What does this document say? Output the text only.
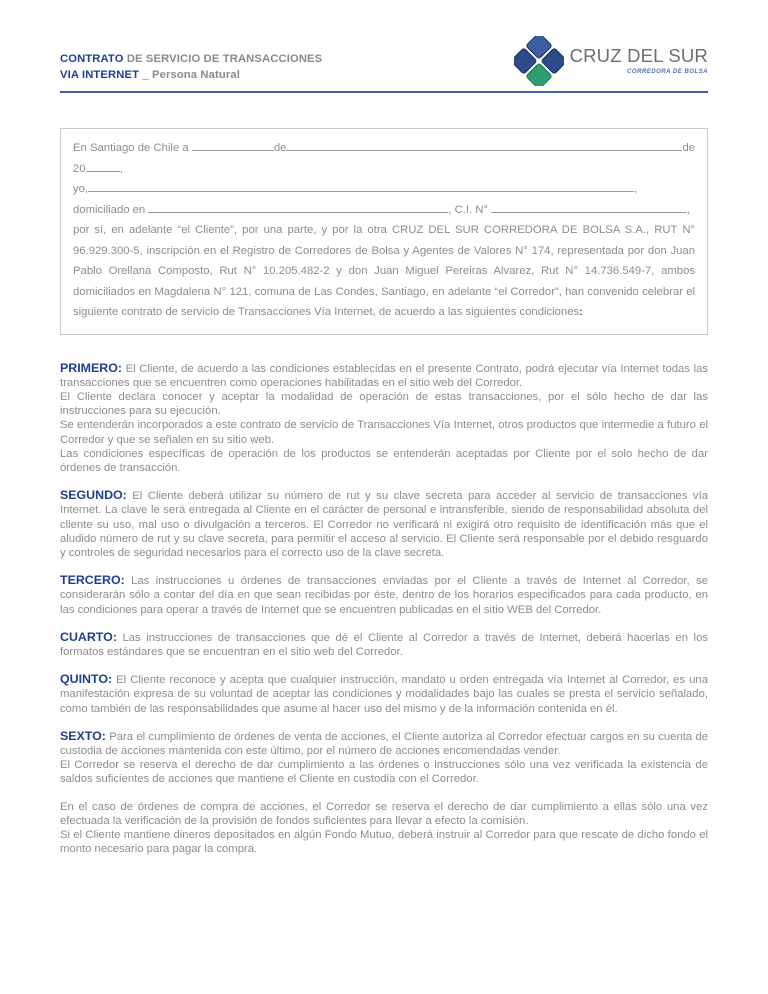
CONTRATO DE SERVICIO DE TRANSACCIONES
VIA INTERNET _ Persona Natural
CRUZ DEL SUR
CORREDORA DE BOLSA

En Santiago de Chile a	de	de 20	,
yo,	,
domiciliado en	, C.I. N°	,
por sí, en adelante “el Cliente”, por una parte, y por la otra CRUZ DEL SUR CORREDORA DE BOLSA S.A., RUT N° 96.929.300-5, inscripción en el Registro de Corredores de Bolsa y Agentes de Valores N° 174, representada por don Juan Pablo Orellana Composto, Rut N° 10.205.482-2 y don Juan Miguel Pereiras Alvarez, Rut N° 14.736.549-7, ambos domiciliados en Magdalena N° 121, comuna de Las Condes, Santiago, en adelante “el Corredor”, han convenido celebrar el siguiente contrato de servicio de Transacciones Vía Internet, de acuerdo a las siguientes condiciones:

PRIMERO: El Cliente, de acuerdo a las condiciones establecidas en el presente Contrato, podrá ejecutar vía Internet todas las transacciones que se encuentren como operaciones habilitadas en el sitio web del Corredor.

El Cliente declara conocer y aceptar la modalidad de operación de estas transacciones, por el sólo hecho de dar las instrucciones para su ejecución.

Se entenderán incorporados a este contrato de servicio de Transacciones Vía Internet, otros productos que intermedie a futuro el Corredor y que se señalen en su sitio web.

Las condiciones específicas de operación de los productos se entenderán aceptadas por Cliente por el solo hecho de dar órdenes de transacción.

SEGUNDO: El Cliente deberá utilizar su número de rut y su clave secreta para acceder al servicio de transacciones vía Internet. La clave le será entregada al Cliente en el carácter de personal e intransferible, siendo de responsabilidad absoluta del cliente su uso, mal uso o divulgación a terceros. El Corredor no verificará ni exigirá otro requisito de identificación más que el aludido número de rut y su clave secreta, para permitir el acceso al servicio. El Cliente será responsable por el debido resguardo y controles de seguridad necesarios para el correcto uso de la clave secreta.

TERCERO: Las instrucciones u órdenes de transacciones enviadas por el Cliente a través de Internet al Corredor, se considerarán sólo a contar del día en que sean recibidas por éste, dentro de los horarios especificados para cada producto, en las condiciones para operar a través de Internet que se encuentren publicadas en el sitio WEB del Corredor.

CUARTO: Las instrucciones de transacciones que dé el Cliente al Corredor a través de Internet, deberá hacerlas en los formatos estándares que se encuentran en el sitio web del Corredor.

QUINTO: El Cliente reconoce y acepta que cualquier instrucción, mandato u orden entregada vía Internet al Corredor, es una manifestación expresa de su voluntad de aceptar las condiciones y modalidades bajo las cuales se presta el servicio señalado, como también de las responsabilidades que asume al hacer uso del mismo y de la información contenida en él.

SEXTO: Para el cumplimiento de órdenes de venta de acciones, el Cliente autoriza al Corredor efectuar cargos en su cuenta de custodia de acciones mantenida con este último, por el número de acciones encomendadas vender.

El Corredor se reserva el derecho de dar cumplimiento a las órdenes o instrucciones sólo una vez verificada la existencia de saldos suficientes de acciones que mantiene el Cliente en custodia con el Corredor.

En el caso de órdenes de compra de acciones, el Corredor se reserva el derecho de dar cumplimiento a ellas sólo una vez efectuada la verificación de la provisión de fondos suficientes para llevar a efecto la comisión.

Si el Cliente mantiene dineros depositados en algún Fondo Mutuo, deberá instruir al Corredor para que rescate de dicho fondo el monto necesario para pagar la compra.
